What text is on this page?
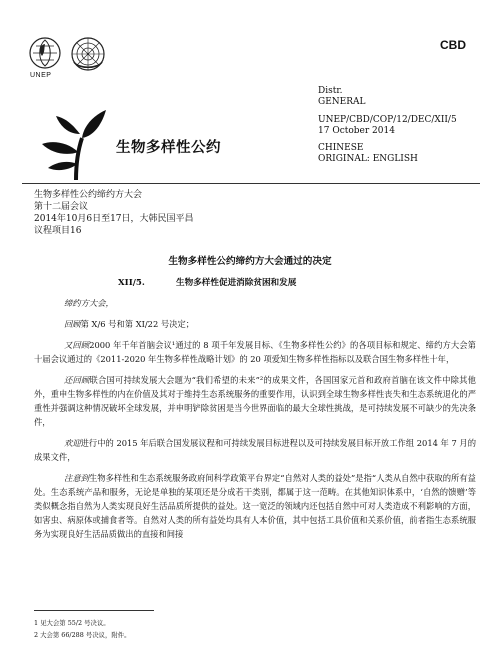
CBD
UNEP
生物多样性公约
Distr.
GENERAL
UNEP/CBD/COP/12/DEC/XII/5
17 October 2014
CHINESE
ORIGINAL: ENGLISH
生物多样性公约缔约方大会
第十二届会议
2014年10月6日至17日，大韩民国平昌
议程项目16
生物多样性公约缔约方大会通过的决定
XII/5.	生物多样性促进消除贫困和发展

缔约方大会，

回顾第 X/6 号和第 XI/22 号决定；

又回顾2000 年千年首脑会议¹通过的 8 项千年发展目标、《生物多样性公约》的各项目标和规定、缔约方大会第十届会议通过的《2011-2020 年生物多样性战略计划》的 20 项爱知生物多样性指标以及联合国生物多样性十年，

还回顾联合国可持续发展大会题为“我们希望的未来”²的成果文件，各国国家元首和政府首脑在该文件中除其他外，重申生物多样性的内在价值及其对于维持生态系统服务的重要作用，认识到全球生物多样性丧失和生态系统退化的严重性并强调这种情况破坏全球发展，并申明铲除贫困是当今世界面临的最大全球性挑战，是可持续发展不可缺少的先决条件，

欢迎进行中的 2015 年后联合国发展议程和可持续发展目标进程以及可持续发展目标开放工作组 2014 年 7 月的成果文件，

注意到生物多样性和生态系统服务政府间科学政策平台界定“自然对人类的益处”是指“人类从自然中获取的所有益处。生态系统产品和服务，无论是单独的某项还是分成若干类别，都属于这一范畴。在其他知识体系中，‘自然的馈赠’等类似概念指自然为人类实现良好生活品质所提供的益处。这一宽泛的领域内还包括自然中可对人类造成不利影响的方面，如害虫、病原体或捕食者等。自然对人类的所有益处均具有人本价值，其中包括工具价值和关系价值，前者指生态系统服务为实现良好生活品质做出的直接和间接

1 见大会第 55/2 号决议。
2 大会第 66/288 号决议，附件。
